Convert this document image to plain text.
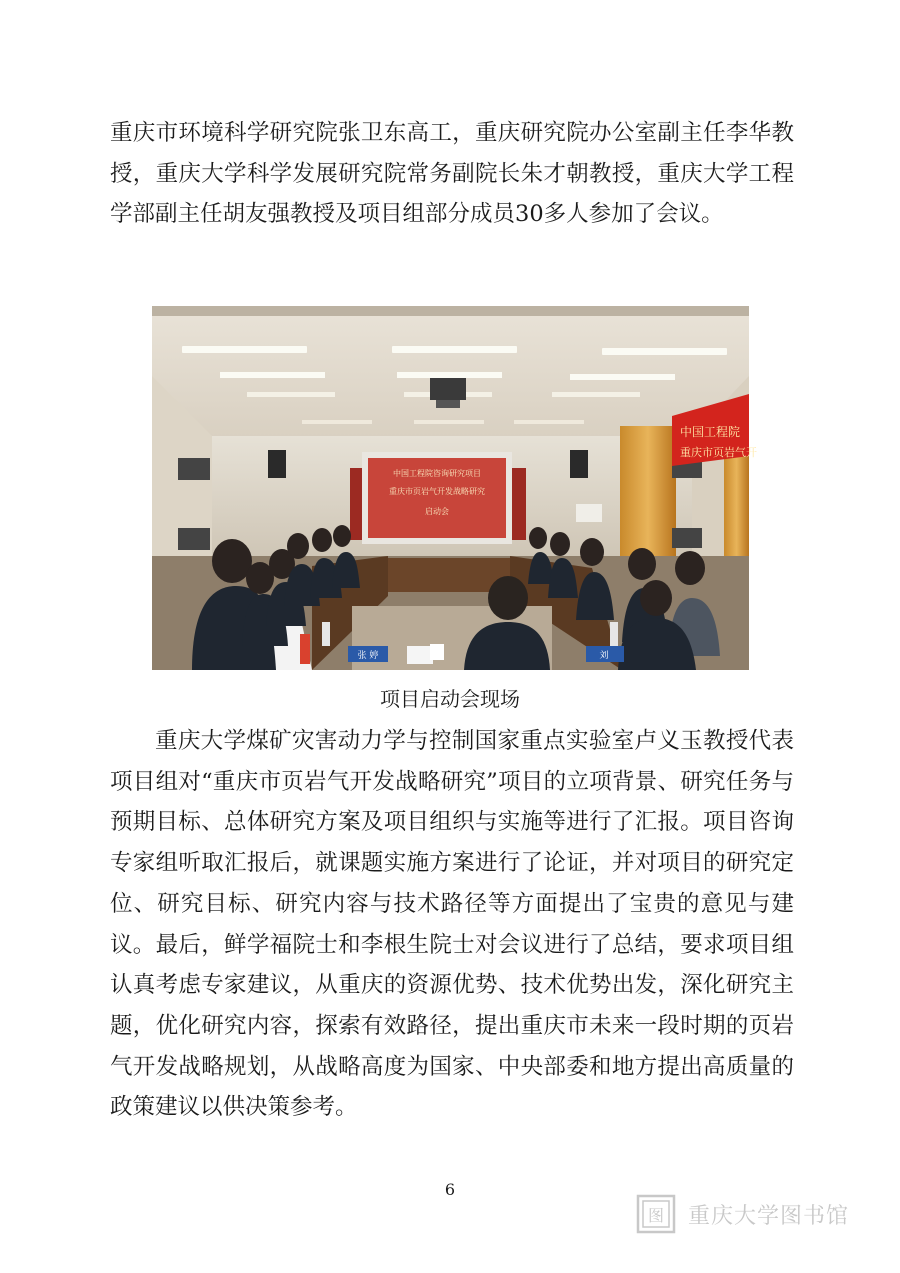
重庆市环境科学研究院张卫东高工，重庆研究院办公室副主任李华教授，重庆大学科学发展研究院常务副院长朱才朝教授，重庆大学工程学部副主任胡友强教授及项目组部分成员30多人参加了会议。

中国工程院咨询研究项目
重庆市页岩气开发战略研究
启动会
中国工程院
重庆市页岩气开
张 婷	刘
项目启动会现场

重庆大学煤矿灾害动力学与控制国家重点实验室卢义玉教授代表项目组对“重庆市页岩气开发战略研究”项目的立项背景、研究任务与预期目标、总体研究方案及项目组织与实施等进行了汇报。项目咨询专家组听取汇报后，就课题实施方案进行了论证，并对项目的研究定位、研究目标、研究内容与技术路径等方面提出了宝贵的意见与建议。最后，鲜学福院士和李根生院士对会议进行了总结，要求项目组认真考虑专家建议，从重庆的资源优势、技术优势出发，深化研究主题，优化研究内容，探索有效路径，提出重庆市未来一段时期的页岩气开发战略规划，从战略高度为国家、中央部委和地方提出高质量的政策建议以供决策参考。

6
图 重庆大学图书馆
